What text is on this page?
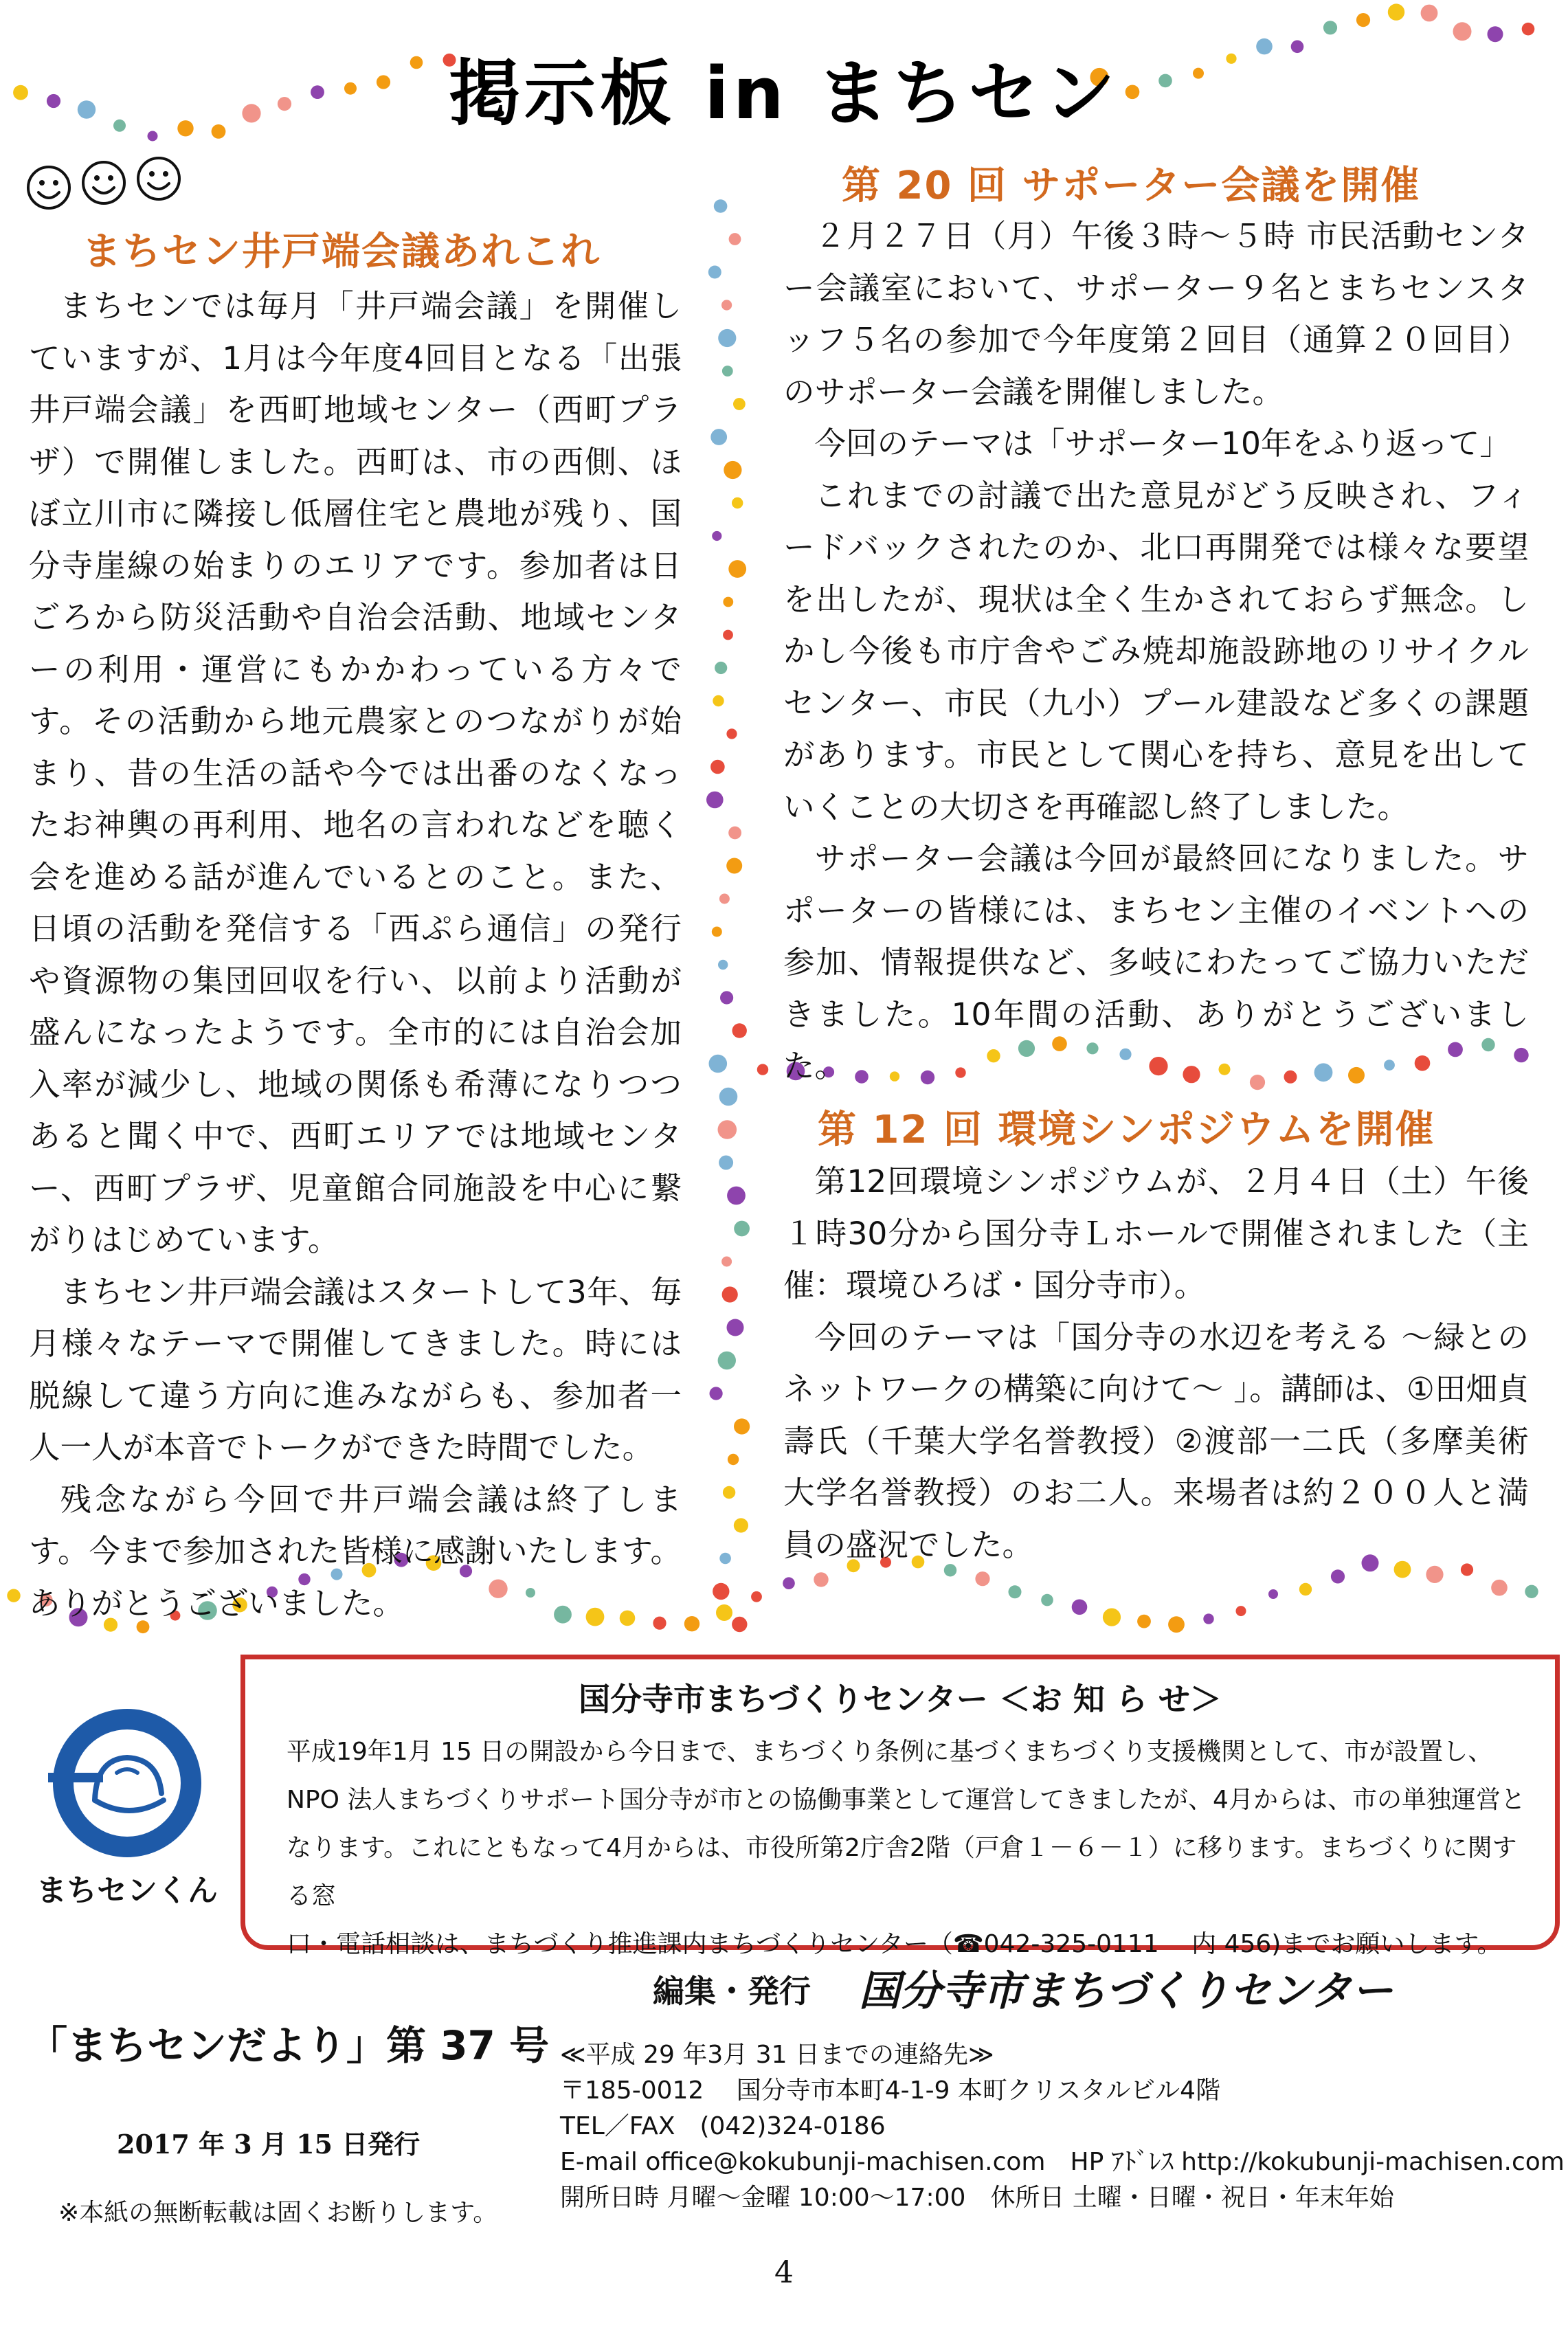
掲示板 in まちセン
まちセン井戸端会議あれこれ

まちセンでは毎月「井戸端会議」を開催していますが、1月は今年度4回目となる「出張井戸端会議」を西町地域センター（西町プラザ）で開催しました。西町は、市の西側、ほぼ立川市に隣接し低層住宅と農地が残り、国分寺崖線の始まりのエリアです。参加者は日ごろから防災活動や自治会活動、地域センターの利用・運営にもかかわっている方々です。その活動から地元農家とのつながりが始まり、昔の生活の話や今では出番のなくなったお神輿の再利用、地名の言われなどを聴く会を進める話が進んでいるとのこと。また、日頃の活動を発信する「西ぷら通信」の発行や資源物の集団回収を行い、以前より活動が盛んになったようです。全市的には自治会加入率が減少し、地域の関係も希薄になりつつあると聞く中で、西町エリアでは地域センター、西町プラザ、児童館合同施設を中心に繋がりはじめています。

まちセン井戸端会議はスタートして3年、毎月様々なテーマで開催してきました。時には脱線して違う方向に進みながらも、参加者一人一人が本音でトークができた時間でした。

残念ながら今回で井戸端会議は終了します。今まで参加された皆様に感謝いたします。ありがとうございました。

第 20 回 サポーター会議を開催

２月２７日（月）午後３時〜５時 市民活動センター会議室において、サポーター９名とまちセンスタッフ５名の参加で今年度第２回目（通算２０回目）のサポーター会議を開催しました。

今回のテーマは「サポーター10年をふり返って」

これまでの討議で出た意見がどう反映され、フィードバックされたのか、北口再開発では様々な要望を出したが、現状は全く生かされておらず無念。しかし今後も市庁舎やごみ焼却施設跡地のリサイクルセンター、市民（九小）プール建設など多くの課題があります。市民として関心を持ち、意見を出していくことの大切さを再確認し終了しました。

サポーター会議は今回が最終回になりました。サポーターの皆様には、まちセン主催のイベントへの参加、情報提供など、多岐にわたってご協力いただきました。10年間の活動、ありがとうございました。

第 12 回 環境シンポジウムを開催

第12回環境シンポジウムが、２月４日（土）午後１時30分から国分寺Ｌホールで開催されました（主催：環境ひろば・国分寺市）。

今回のテーマは「国分寺の水辺を考える 〜緑とのネットワークの構築に向けて〜 」。講師は、①田畑貞壽氏（千葉大学名誉教授）②渡部一二氏（多摩美術大学名誉教授）のお二人。来場者は約２００人と満員の盛況でした。

まちセンくん
国分寺市まちづくりセンター ＜お 知 ら せ＞

平成19年1月 15 日の開設から今日まで、まちづくり条例に基づくまちづくり支援機関として、市が設置し、

NPO 法人まちづくりサポート国分寺が市との協働事業として運営してきましたが、4月からは、市の単独運営と

なります。これにともなって4月からは、市役所第2庁舎2階（戸倉１－６－１）に移ります。まちづくりに関する窓

口・電話相談は、まちづくり推進課内まちづくりセンター（☎042-325-0111　 内 456)までお願いします。

編集・発行 国分寺市まちづくりセンター
「まちセンだより」第 37 号
2017 年 3 月 15 日発行
※本紙の無断転載は固くお断りします。
≪平成 29 年3月 31 日までの連絡先≫
〒185-0012　 国分寺市本町4-1-9 本町クリスタルビル4階
TEL／FAX　(042)324-0186
E-mail office@kokubunji-machisen.com　HP ｱﾄﾞﾚｽ http://kokubunji-machisen.com
開所日時 月曜〜金曜 10:00〜17:00　休所日 土曜・日曜・祝日・年末年始
4
